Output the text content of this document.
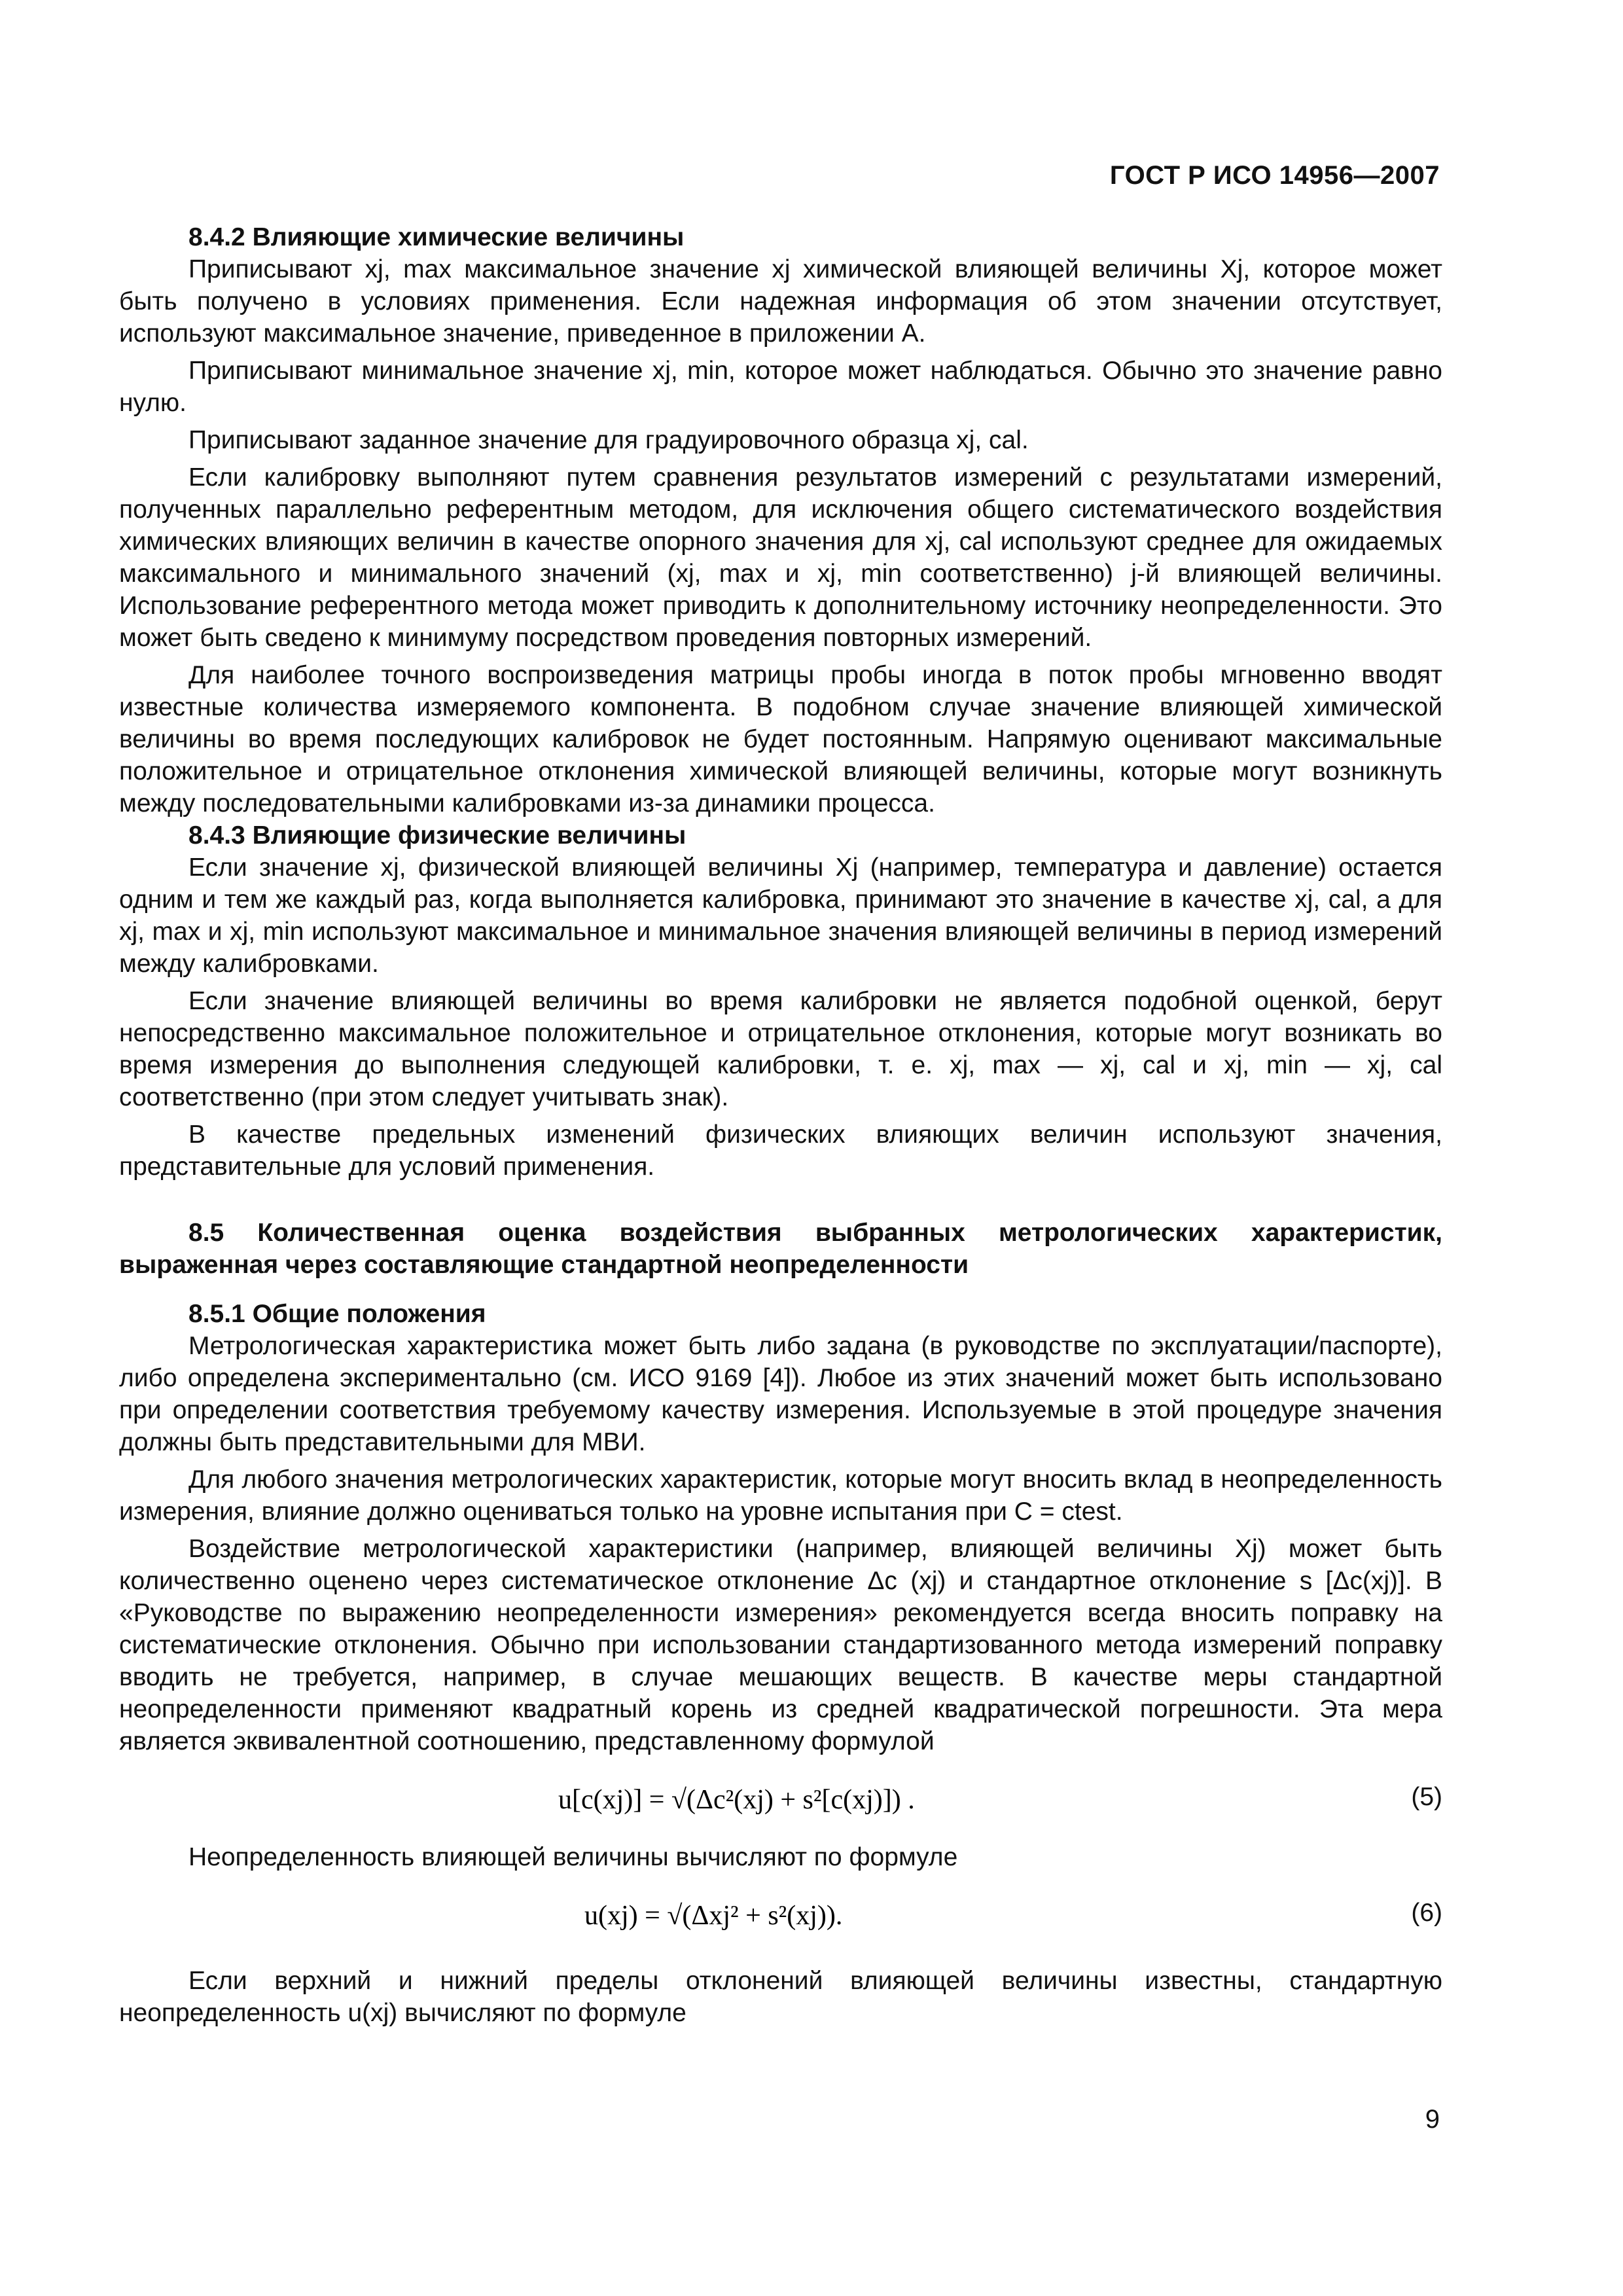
ГОСТ Р ИСО 14956—2007
8.4.2 Влияющие химические величины
Приписывают xj, max максимальное значение xj химической влияющей величины Xj, которое может быть получено в условиях применения. Если надежная информация об этом значении отсутствует, используют максимальное значение, приведенное в приложении А.
Приписывают минимальное значение xj, min, которое может наблюдаться. Обычно это значение равно нулю.
Приписывают заданное значение для градуировочного образца xj, cal.
Если калибровку выполняют путем сравнения результатов измерений с результатами измерений, полученных параллельно референтным методом, для исключения общего систематического воздействия химических влияющих величин в качестве опорного значения для xj, cal используют среднее для ожидаемых максимального и минимального значений (xj, max и xj, min соответственно) j-й влияющей величины. Использование референтного метода может приводить к дополнительному источнику неопределенности. Это может быть сведено к минимуму посредством проведения повторных измерений.
Для наиболее точного воспроизведения матрицы пробы иногда в поток пробы мгновенно вводят известные количества измеряемого компонента. В подобном случае значение влияющей химической величины во время последующих калибровок не будет постоянным. Напрямую оценивают максимальные положительное и отрицательное отклонения химической влияющей величины, которые могут возникнуть между последовательными калибровками из-за динамики процесса.
8.4.3 Влияющие физические величины
Если значение xj, физической влияющей величины Xj (например, температура и давление) остается одним и тем же каждый раз, когда выполняется калибровка, принимают это значение в качестве xj, cal, а для xj, max и xj, min используют максимальное и минимальное значения влияющей величины в период измерений между калибровками.
Если значение влияющей величины во время калибровки не является подобной оценкой, берут непосредственно максимальное положительное и отрицательное отклонения, которые могут возникать во время измерения до выполнения следующей калибровки, т. е. xj, max — xj, cal и xj, min — xj, cal соответственно (при этом следует учитывать знак).
В качестве предельных изменений физических влияющих величин используют значения, представительные для условий применения.
8.5 Количественная оценка воздействия выбранных метрологических характеристик, выраженная через составляющие стандартной неопределенности
8.5.1 Общие положения
Метрологическая характеристика может быть либо задана (в руководстве по эксплуатации/паспорте), либо определена экспериментально (см. ИСО 9169 [4]). Любое из этих значений может быть использовано при определении соответствия требуемому качеству измерения. Используемые в этой процедуре значения должны быть представительными для МВИ.
Для любого значения метрологических характеристик, которые могут вносить вклад в неопределенность измерения, влияние должно оцениваться только на уровне испытания при C = ctest.
Воздействие метрологической характеристики (например, влияющей величины Xj) может быть количественно оценено через систематическое отклонение Δc (xj) и стандартное отклонение s [Δc(xj)]. В «Руководстве по выражению неопределенности измерения» рекомендуется всегда вносить поправку на систематические отклонения. Обычно при использовании стандартизованного метода измерений поправку вводить не требуется, например, в случае мешающих веществ. В качестве меры стандартной неопределенности применяют квадратный корень из средней квадратической погрешности. Эта мера является эквивалентной соотношению, представленному формулой
u[c(xj)] = √(Δc²(xj) + s²[c(xj)]) .	(5)
Неопределенность влияющей величины вычисляют по формуле
u(xj) = √(Δxj² + s²(xj)).	(6)
Если верхний и нижний пределы отклонений влияющей величины известны, стандартную неопределенность u(xj) вычисляют по формуле
9
